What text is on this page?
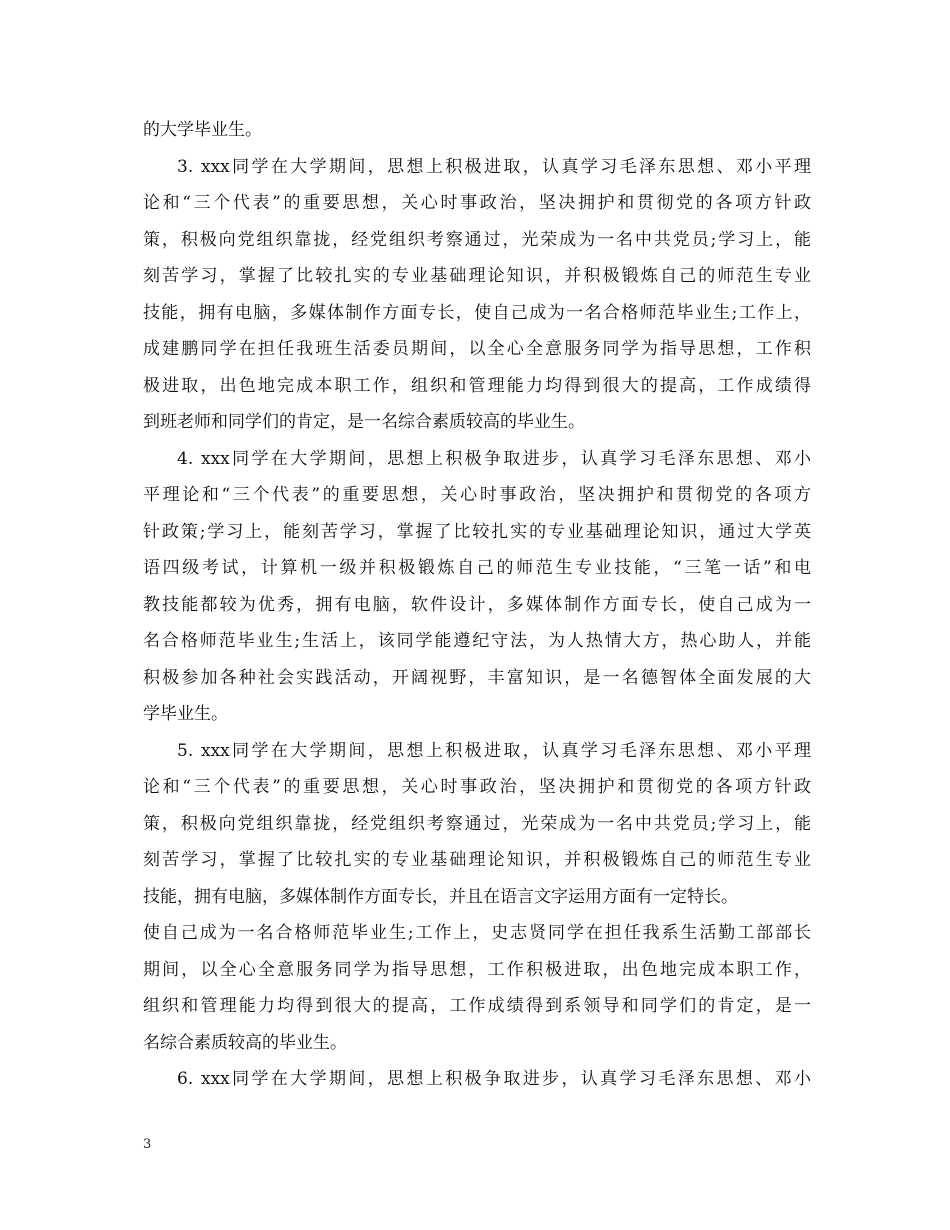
的大学毕业生。
3. xxx同学在大学期间，思想上积极进取，认真学习毛泽东思想、邓小平理
论和“三个代表”的重要思想，关心时事政治，坚决拥护和贯彻党的各项方针政
策，积极向党组织靠拢，经党组织考察通过，光荣成为一名中共党员;学习上，能
刻苦学习，掌握了比较扎实的专业基础理论知识，并积极锻炼自己的师范生专业
技能，拥有电脑，多媒体制作方面专长，使自己成为一名合格师范毕业生;工作上，
成建鹏同学在担任我班生活委员期间，以全心全意服务同学为指导思想，工作积
极进取，出色地完成本职工作，组织和管理能力均得到很大的提高，工作成绩得
到班老师和同学们的肯定，是一名综合素质较高的毕业生。
4. xxx同学在大学期间，思想上积极争取进步，认真学习毛泽东思想、邓小
平理论和“三个代表”的重要思想，关心时事政治，坚决拥护和贯彻党的各项方
针政策;学习上，能刻苦学习，掌握了比较扎实的专业基础理论知识，通过大学英
语四级考试，计算机一级并积极锻炼自己的师范生专业技能，“三笔一话”和电
教技能都较为优秀，拥有电脑，软件设计，多媒体制作方面专长，使自己成为一
名合格师范毕业生;生活上，该同学能遵纪守法，为人热情大方，热心助人，并能
积极参加各种社会实践活动，开阔视野，丰富知识，是一名德智体全面发展的大
学毕业生。
5. xxx同学在大学期间，思想上积极进取，认真学习毛泽东思想、邓小平理
论和“三个代表”的重要思想，关心时事政治，坚决拥护和贯彻党的各项方针政
策，积极向党组织靠拢，经党组织考察通过，光荣成为一名中共党员;学习上，能
刻苦学习，掌握了比较扎实的专业基础理论知识，并积极锻炼自己的师范生专业
技能，拥有电脑，多媒体制作方面专长，并且在语言文字运用方面有一定特长。
使自己成为一名合格师范毕业生;工作上，史志贤同学在担任我系生活勤工部部长
期间，以全心全意服务同学为指导思想，工作积极进取，出色地完成本职工作，
组织和管理能力均得到很大的提高，工作成绩得到系领导和同学们的肯定，是一
名综合素质较高的毕业生。
6. xxx同学在大学期间，思想上积极争取进步，认真学习毛泽东思想、邓小
3
